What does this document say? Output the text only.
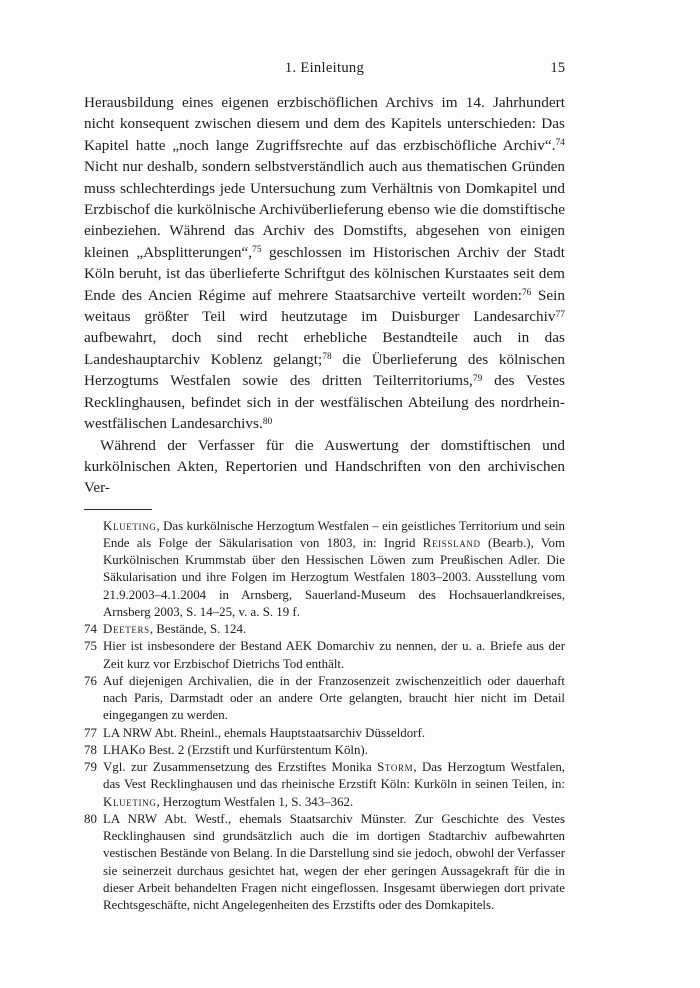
1. Einleitung	15

Herausbildung eines eigenen erzbischöflichen Archivs im 14. Jahrhundert nicht konsequent zwischen diesem und dem des Kapitels unterschieden: Das Kapitel hatte „noch lange Zugriffsrechte auf das erzbischöfliche Archiv“.$^{74}$ Nicht nur deshalb, sondern selbstverständlich auch aus thematischen Gründen muss schlechterdings jede Untersuchung zum Verhältnis von Domkapitel und Erzbischof die kurkölnische Archivüberlieferung ebenso wie die domstiftische einbeziehen. Während das Archiv des Domstifts, abgesehen von einigen kleinen „Absplitterungen“,$^{75}$ geschlossen im Historischen Archiv der Stadt Köln beruht, ist das überlieferte Schriftgut des kölnischen Kurstaates seit dem Ende des Ancien Régime auf mehrere Staatsarchive verteilt worden:$^{76}$ Sein weitaus größter Teil wird heutzutage im Duisburger Landesarchiv$^{77}$ aufbewahrt, doch sind recht erhebliche Bestandteile auch in das Landeshauptarchiv Koblenz gelangt;$^{78}$ die Überlieferung des kölnischen Herzogtums Westfalen sowie des dritten Teilterritoriums,$^{79}$ des Vestes Recklinghausen, befindet sich in der westfälischen Abteilung des nordrhein-westfälischen Landesarchivs.$^{80}$

Während der Verfasser für die Auswertung der domstiftischen und kurkölnischen Akten, Repertorien und Handschriften von den archivischen Ver-

Klueting, Das kurkölnische Herzogtum Westfalen – ein geistliches Territorium und sein Ende als Folge der Säkularisation von 1803, in: Ingrid Reissland (Bearb.), Vom Kurkölnischen Krummstab über den Hessischen Löwen zum Preußischen Adler. Die Säkularisation und ihre Folgen im Herzogtum Westfalen 1803–2003. Ausstellung vom 21.9.2003–4.1.2004 in Arnsberg, Sauerland-Museum des Hochsauerlandkreises, Arnsberg 2003, S. 14–25, v. a. S. 19 f.
74 Deeters, Bestände, S. 124.
75 Hier ist insbesondere der Bestand AEK Domarchiv zu nennen, der u. a. Briefe aus der Zeit kurz vor Erzbischof Dietrichs Tod enthält.
76 Auf diejenigen Archivalien, die in der Franzosenzeit zwischenzeitlich oder dauerhaft nach Paris, Darmstadt oder an andere Orte gelangten, braucht hier nicht im Detail eingegangen zu werden.
77 LA NRW Abt. Rheinl., ehemals Hauptstaatsarchiv Düsseldorf.
78 LHAKo Best. 2 (Erzstift und Kurfürstentum Köln).
79 Vgl. zur Zusammensetzung des Erzstiftes Monika Storm, Das Herzogtum Westfalen, das Vest Recklinghausen und das rheinische Erzstift Köln: Kurköln in seinen Teilen, in: Klueting, Herzogtum Westfalen 1, S. 343–362.
80 LA NRW Abt. Westf., ehemals Staatsarchiv Münster. Zur Geschichte des Vestes Recklinghausen sind grundsätzlich auch die im dortigen Stadtarchiv aufbewahrten vestischen Bestände von Belang. In die Darstellung sind sie jedoch, obwohl der Verfasser sie seinerzeit durchaus gesichtet hat, wegen der eher geringen Aussagekraft für die in dieser Arbeit behandelten Fragen nicht eingeflossen. Insgesamt überwiegen dort private Rechtsgeschäfte, nicht Angelegenheiten des Erzstifts oder des Domkapitels.
